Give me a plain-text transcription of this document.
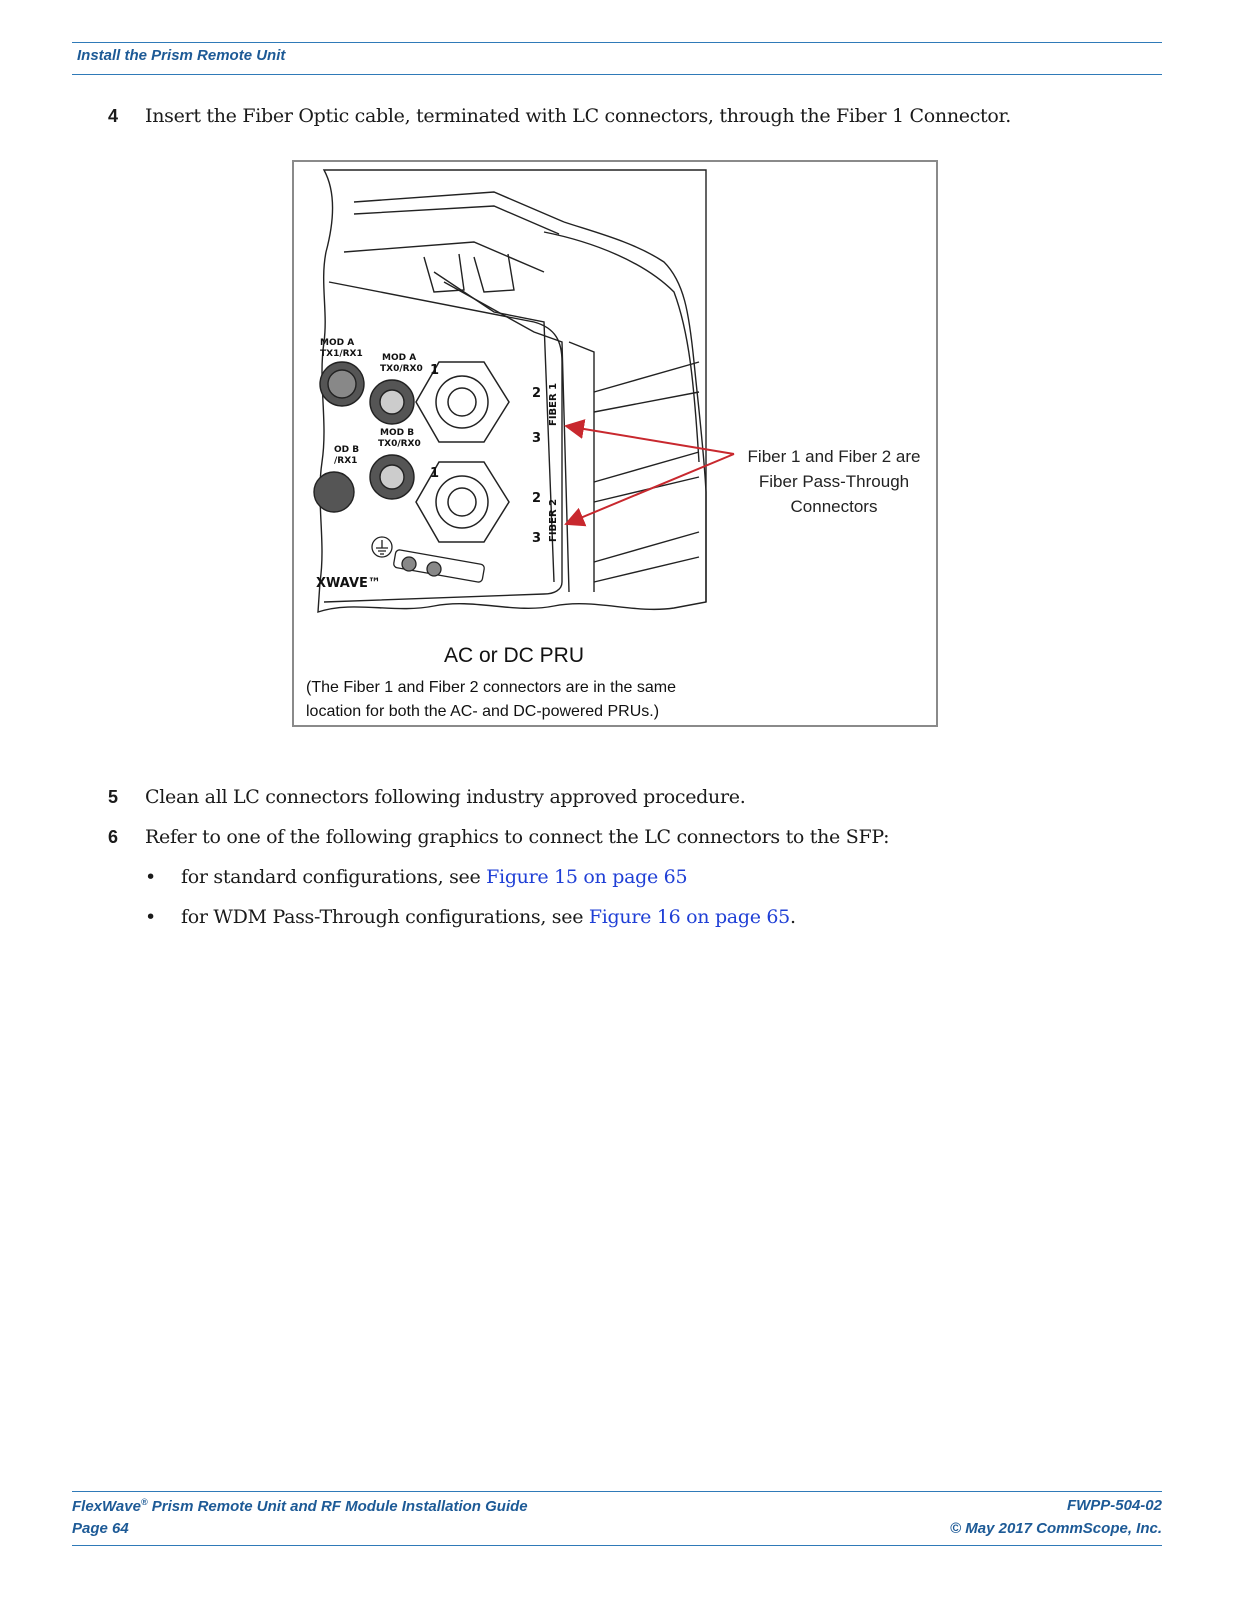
Install the Prism Remote Unit
4 Insert the Fiber Optic cable, terminated with LC connectors, through the Fiber 1 Connector.
MOD A
TX1/RX1 MOD A
TX0/RX0
MOD B
TX0/RX0
OD B
/RX1
FIBER 1
FIBER 2
XWAVE™
1
2
3
1
2
3
Fiber 1 and Fiber 2 are
Fiber Pass-Through
Connectors
AC or DC PRU
(The Fiber 1 and Fiber 2 connectors are in the same
location for both the AC- and DC-powered PRUs.)
5 Clean all LC connectors following industry approved procedure.
6 Refer to one of the following graphics to connect the LC connectors to the SFP:
• for standard configurations, see Figure 15 on page 65
• for WDM Pass-Through configurations, see Figure 16 on page 65.
FlexWave® Prism Remote Unit and RF Module Installation Guide
Page 64
FWPP-504-02
© May 2017 CommScope, Inc.
